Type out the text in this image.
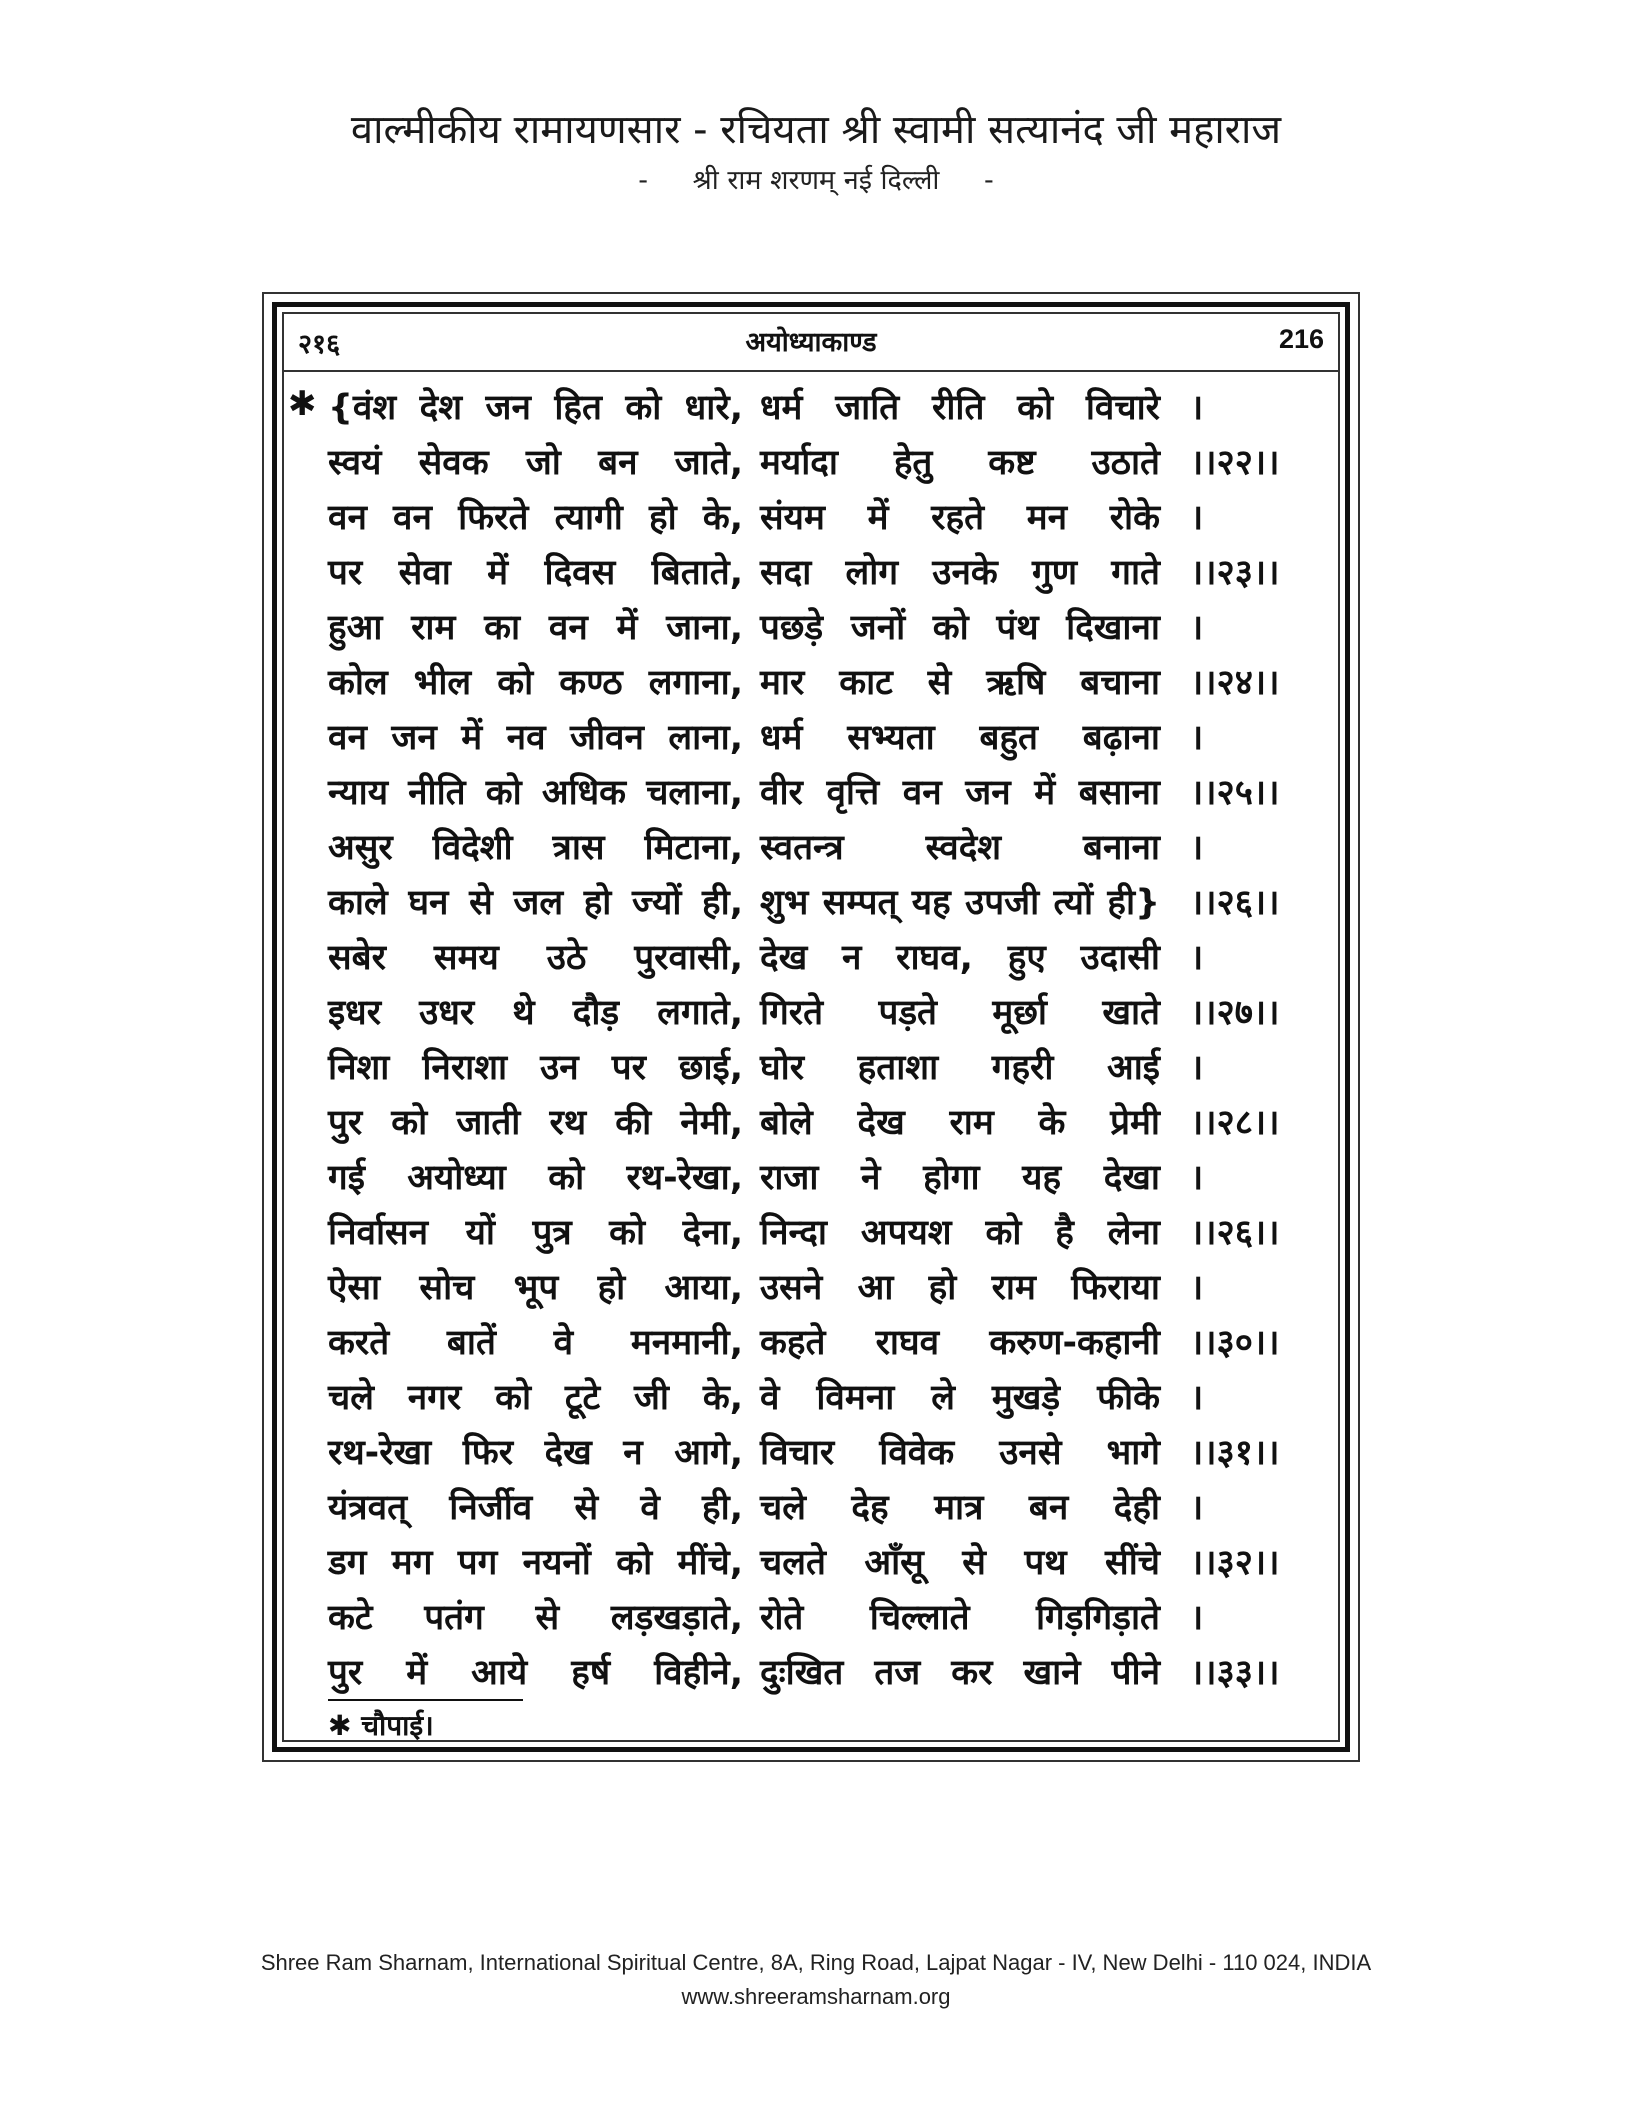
वाल्मीकीय रामायणसार - रचियता श्री स्वामी सत्यानंद जी महाराज
- श्री राम शरणम् नई दिल्ली -
२१६	अयोध्याकाण्ड	216
✱ {वंश देश जन हित को धारे, धर्म जाति रीति को विचारे ।
स्वयं सेवक जो बन जाते, मर्यादा हेतु कष्ट उठाते ।।२२।।
वन वन फिरते त्यागी हो के, संयम में रहते मन रोके ।
पर सेवा में दिवस बिताते, सदा लोग उनके गुण गाते ।।२३।।
हुआ राम का वन में जाना, पछड़े जनों को पंथ दिखाना ।
कोल भील को कण्ठ लगाना, मार काट से ऋषि बचाना ।।२४।।
वन जन में नव जीवन लाना, धर्म सभ्यता बहुत बढ़ाना ।
न्याय नीति को अधिक चलाना, वीर वृत्ति वन जन में बसाना ।।२५।।
असुर विदेशी त्रास मिटाना, स्वतन्त्र स्वदेश बनाना ।
काले घन से जल हो ज्यों ही, शुभ सम्पत् यह उपजी त्यों ही} ।।२६।।
सबेर समय उठे पुरवासी, देख न राघव, हुए उदासी ।
इधर उधर थे दौड़ लगाते, गिरते पड़ते मूर्छा खाते ।।२७।।
निशा निराशा उन पर छाई, घोर हताशा गहरी आई ।
पुर को जाती रथ की नेमी, बोले देख राम के प्रेमी ।।२८।।
गई अयोध्या को रथ-रेखा, राजा ने होगा यह देखा ।
निर्वासन यों पुत्र को देना, निन्दा अपयश को है लेना ।।२६।।
ऐसा सोच भूप हो आया, उसने आ हो राम फिराया ।
करते बातें वे मनमानी, कहते राघव करुण-कहानी ।।३०।।
चले नगर को टूटे जी के, वे विमना ले मुखड़े फीके ।
रथ-रेखा फिर देख न आगे, विचार विवेक उनसे भागे ।।३१।।
यंत्रवत् निर्जीव से वे ही, चले देह मात्र बन देही ।
डग मग पग नयनों को मींचे, चलते आँसू से पथ सींचे ।।३२।।
कटे पतंग से लड़खड़ाते, रोते चिल्लाते गिड़गिड़ाते ।
पुर में आये हर्ष विहीने, दुःखित तज कर खाने पीने ।।३३।।
✱ चौपाई।
Shree Ram Sharnam, International Spiritual Centre, 8A, Ring Road, Lajpat Nagar - IV, New Delhi - 110 024, INDIA
www.shreeramsharnam.org
